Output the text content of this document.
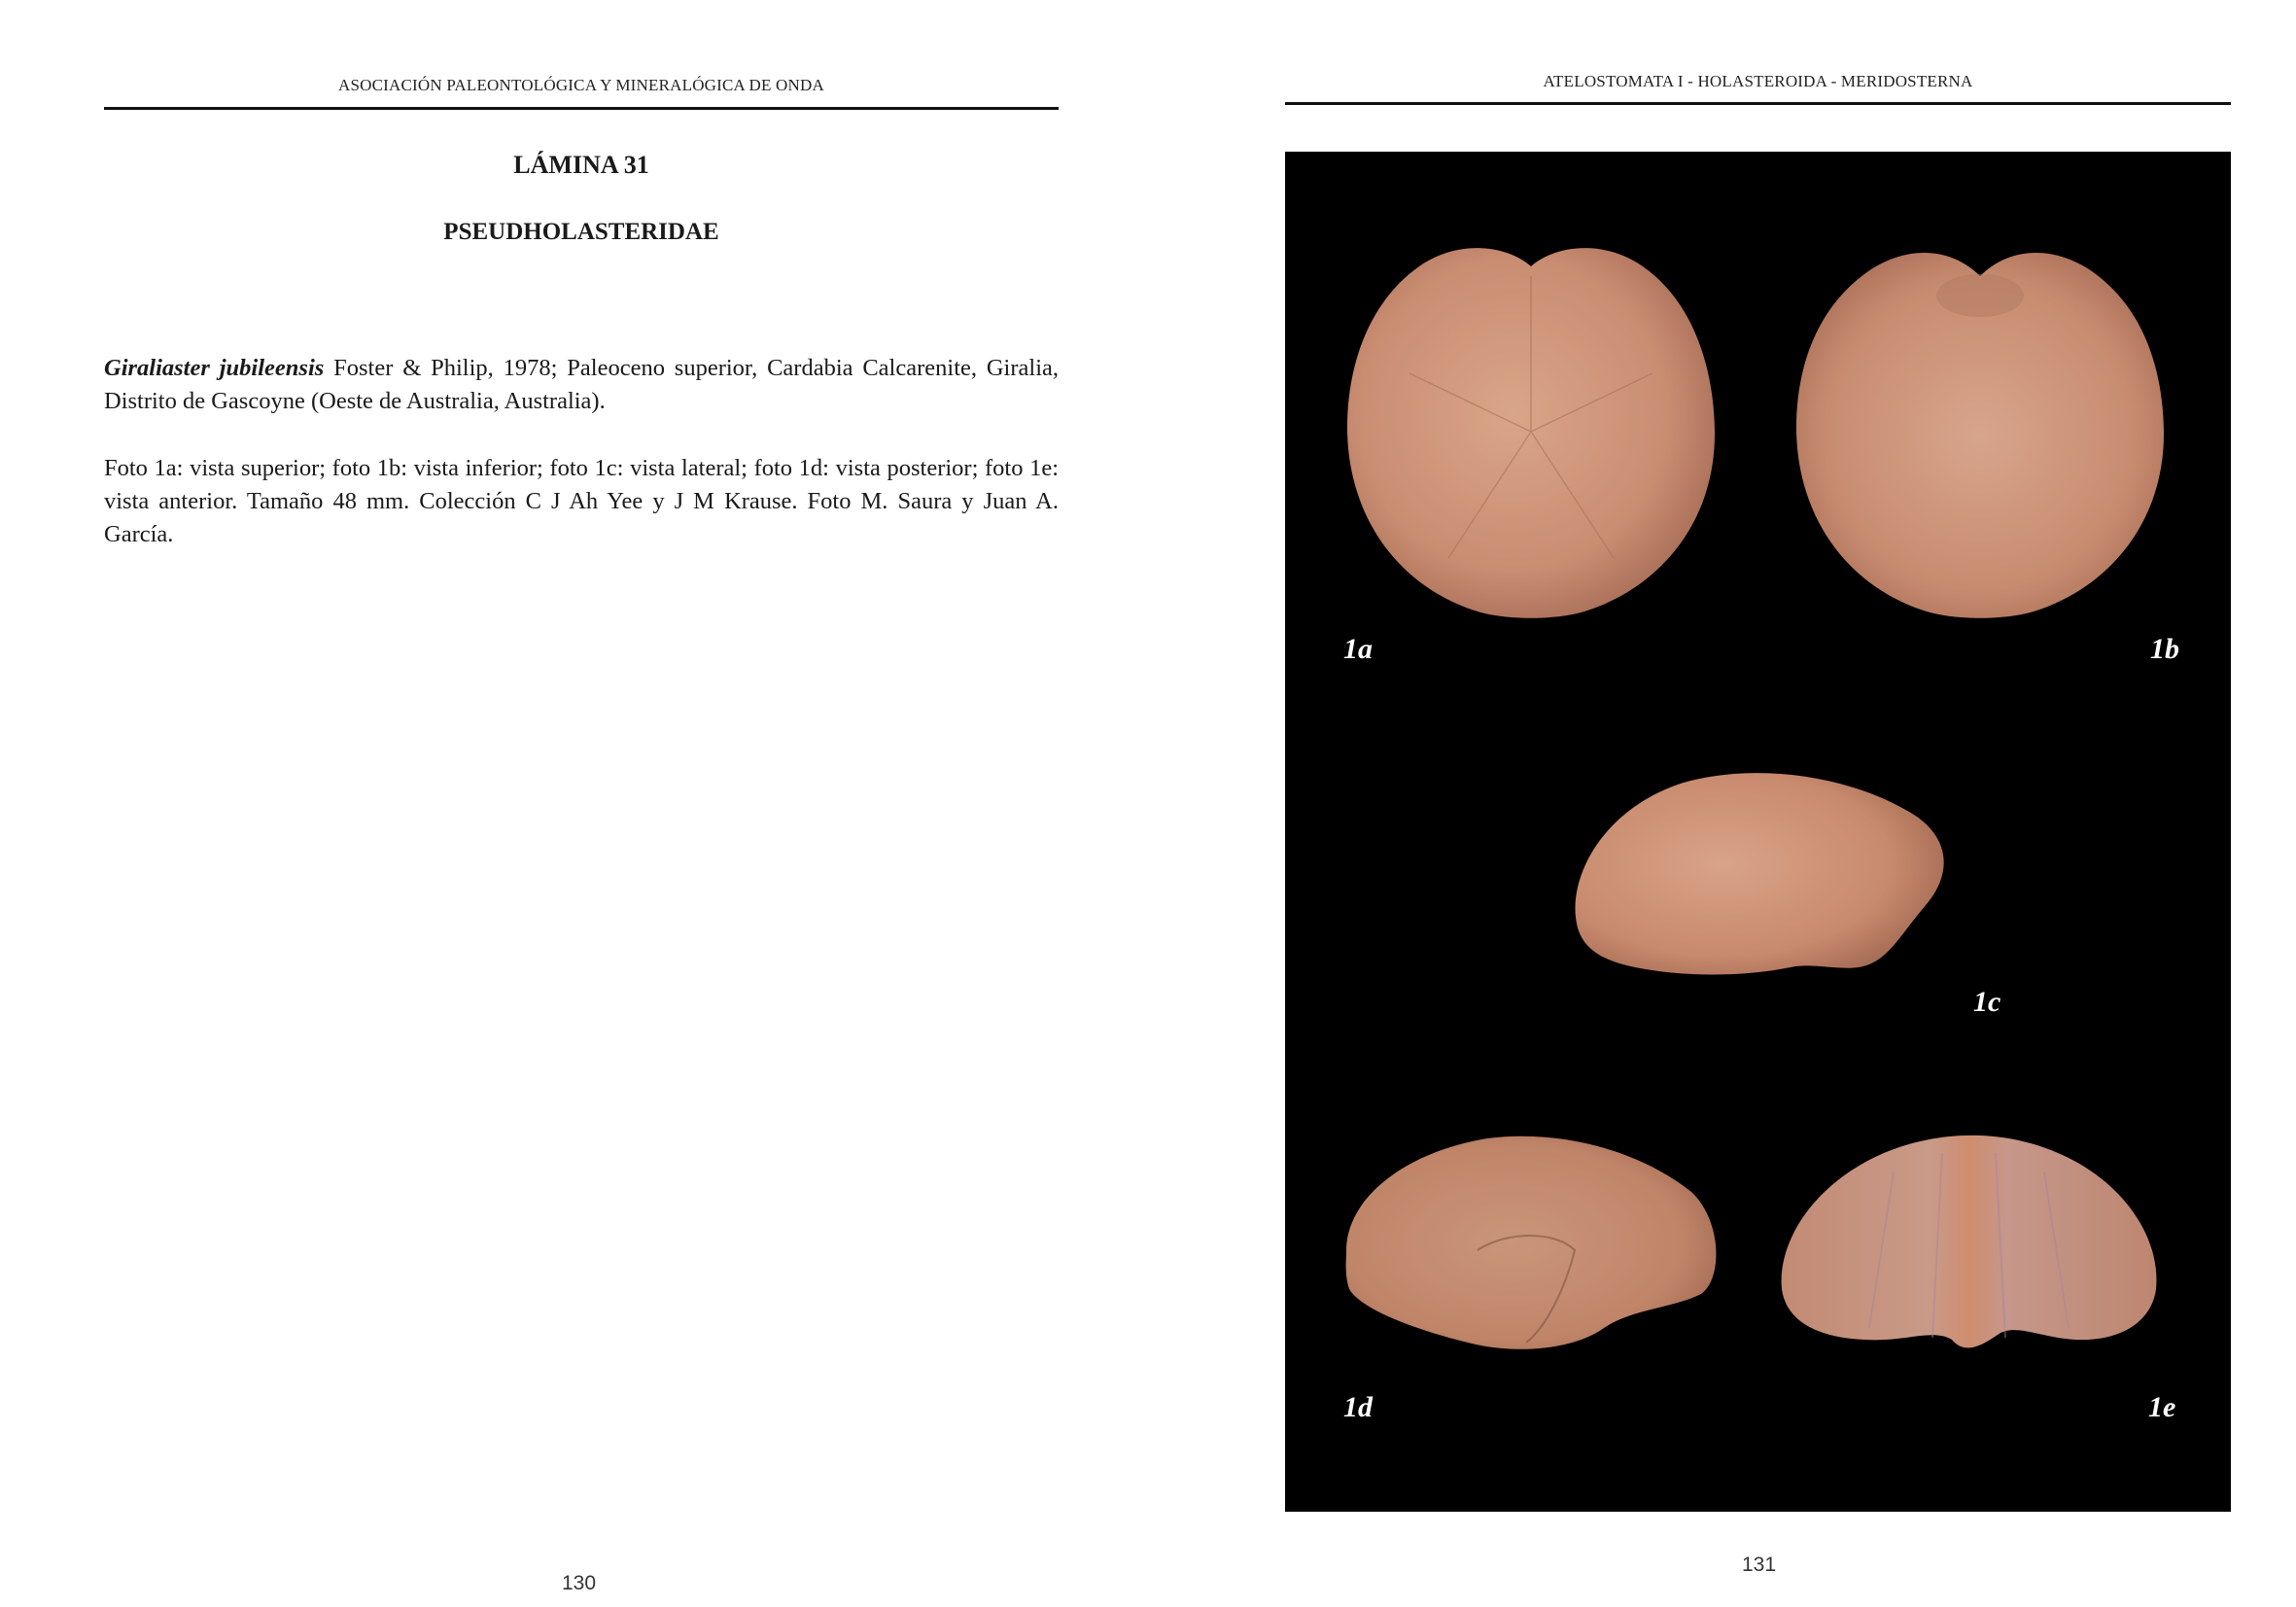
ASOCIACIÓN PALEONTOLÓGICA Y MINERALÓGICA DE ONDA
LÁMINA 31
PSEUDHOLASTERIDAE
Giraliaster jubileensis Foster & Philip, 1978; Paleoceno superior, Cardabia Calcarenite, Giralia, Distrito de Gascoyne (Oeste de Australia, Australia).
Foto 1a: vista superior; foto 1b: vista inferior; foto 1c: vista lateral; foto 1d: vista posterior; foto 1e: vista anterior. Tamaño 48 mm. Colección C J Ah Yee y J M Krause. Foto M. Saura y Juan A. García.
130
ATELOSTOMATA I - HOLASTEROIDA - MERIDOSTERNA
1a	1b
1c
1d	1e
131
